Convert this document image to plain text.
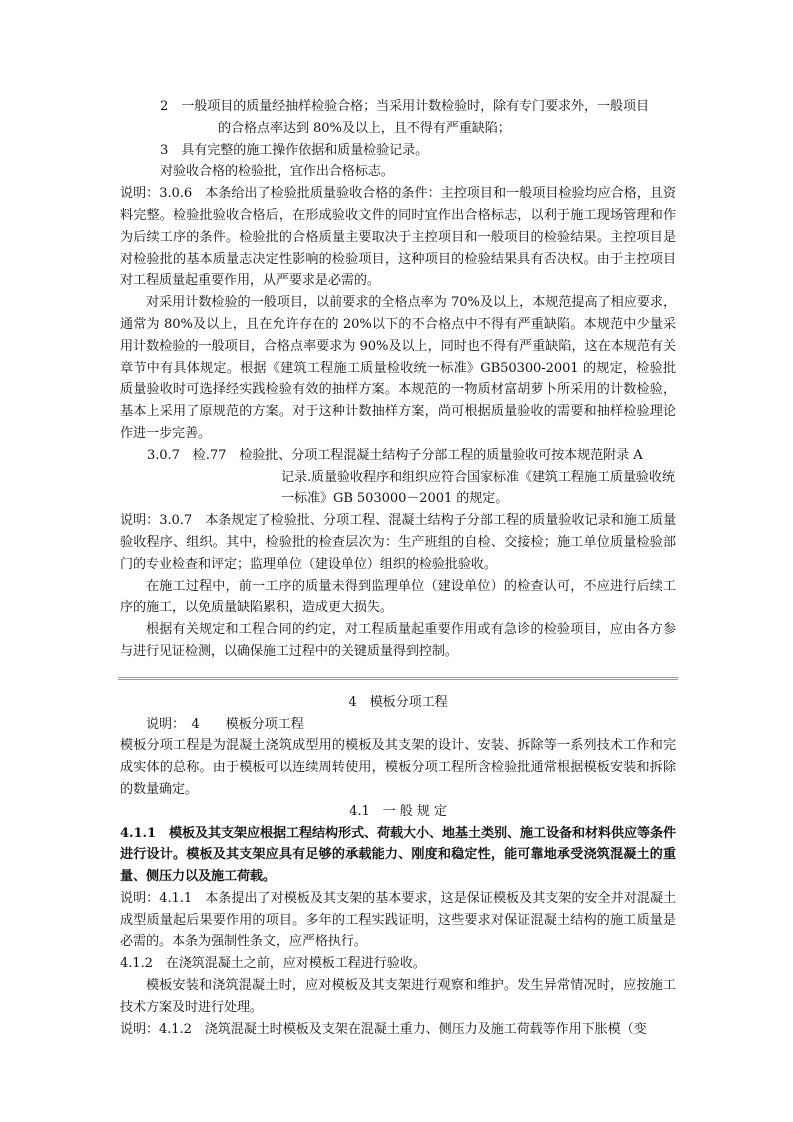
2　一般项目的质量经抽样检验合格；当采用计数检验时，除有专门要求外，一般项目
的合格点率达到 80%及以上，且不得有严重缺陷；
3　具有完整的施工操作依据和质量检验记录。
对验收合格的检验批，宜作出合格标志。
说明：3.0.6　本条给出了检验批质量验收合格的条件：主控项目和一般项目检验均应合格，且资料完整。检验批验收合格后，在形成验收文件的同时宜作出合格标志，以利于施工现场管理和作为后续工序的条件。检验批的合格质量主要取决于主控项目和一般项目的检验结果。主控项目是对检验批的基本质量志决定性影响的检验项目，这种项目的检验结果具有否决权。由于主控项目对工程质量起重要作用，从严要求是必需的。
对采用计数检验的一般项目，以前要求的全格点率为 70%及以上，本规范提高了相应要求，通常为 80%及以上，且在允许存在的 20%以下的不合格点中不得有严重缺陷。本规范中少量采用计数检验的一般项目，合格点率要求为 90%及以上，同时也不得有严重缺陷，这在本规范有关章节中有具体规定。根据《建筑工程施工质量检收统一标准》GB50300-2001 的规定，检验批质量验收时可选择经实践检验有效的抽样方案。本规范的一物质材富胡萝卜所采用的计数检验，基本上采用了原规范的方案。对于这种计数抽样方案，尚可根据质量验收的需要和抽样检验理论作进一步完善。
3.0.7　检.77　检验批、分项工程混凝土结构子分部工程的质量验收可按本规范附录 A
记录.质量验收程序和组织应符合国家标准《建筑工程施工质量验收统
一标准》GB 503000－2001 的规定。
说明：3.0.7　本条规定了检验批、分项工程、混凝土结构子分部工程的质量验收记录和施工质量验收程序、组织。其中，检验批的检查层次为：生产班组的自检、交接检；施工单位质量检验部门的专业检查和评定；监理单位（建设单位）组织的检验批验收。
在施工过程中，前一工序的质量未得到监理单位（建设单位）的检查认可，不应进行后续工序的施工，以免质量缺陷累积，造成更大损失。
根据有关规定和工程合同的约定，对工程质量起重要作用或有急诊的检验项目，应由各方参与进行见证检测，以确保施工过程中的关键质量得到控制。
4　模板分项工程
说明：　4　　模板分项工程
模板分项工程是为混凝土浇筑成型用的模板及其支架的设计、安装、拆除等一系列技术工作和完成实体的总称。由于模板可以连续周转使用，模板分项工程所含检验批通常根据模板安装和拆除的数量确定。
4.1　一 般 规 定
4.1.1　模板及其支架应根据工程结构形式、荷载大小、地基土类别、施工设备和材料供应等条件进行设计。模板及其支架应具有足够的承载能力、刚度和稳定性，能可靠地承受浇筑混凝土的重量、侧压力以及施工荷载。
说明：4.1.1　本条提出了对模板及其支架的基本要求，这是保证模板及其支架的安全并对混凝土成型质量起后果要作用的项目。多年的工程实践证明，这些要求对保证混凝土结构的施工质量是必需的。本条为强制性条文，应严格执行。
4.1.2　在浇筑混凝土之前，应对模板工程进行验收。
模板安装和浇筑混凝土时，应对模板及其支架进行观察和维护。发生异常情况时，应按施工技术方案及时进行处理。
说明：4.1.2　浇筑混凝土时模板及支架在混凝土重力、侧压力及施工荷载等作用下胀模（变
